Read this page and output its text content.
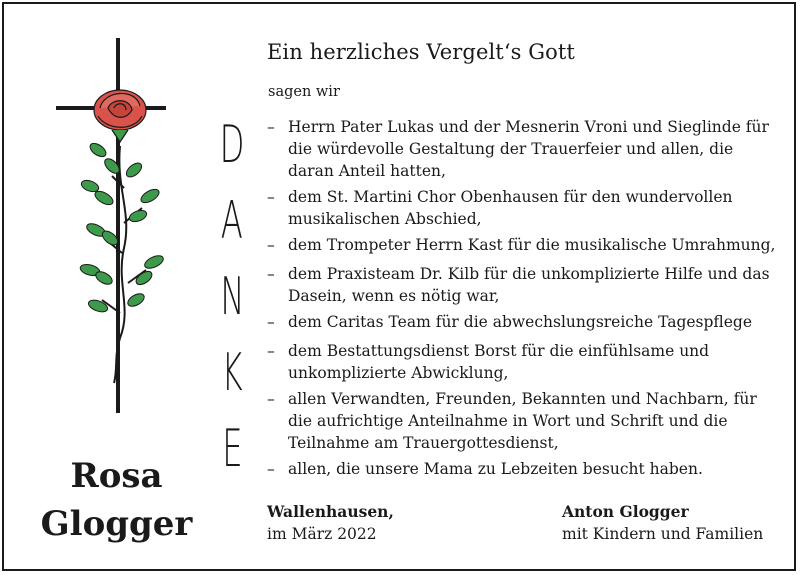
Rosa
Glogger
D
A
N
K
E
Ein herzliches Vergelt‘s Gott
sagen wir
– Herrn Pater Lukas und der Mesnerin Vroni und Sieglinde für die würdevolle Gestaltung der Trauerfeier und allen, die daran Anteil hatten,
– dem St. Martini Chor Obenhausen für den wundervollen musikalischen Abschied,
– dem Trompeter Herrn Kast für die musikalische Umrahmung,
– dem Praxisteam Dr. Kilb für die unkomplizierte Hilfe und das Dasein, wenn es nötig war,
– dem Caritas Team für die abwechslungsreiche Tagespflege
– dem Bestattungsdienst Borst für die einfühlsame und unkomplizierte Abwicklung,
– allen Verwandten, Freunden, Bekannten und Nachbarn, für die aufrichtige Anteilnahme in Wort und Schrift und die Teilnahme am Trauergottesdienst,
– allen, die unsere Mama zu Lebzeiten besucht haben.
Wallenhausen,
im März 2022
Anton Glogger
mit Kindern und Familien
